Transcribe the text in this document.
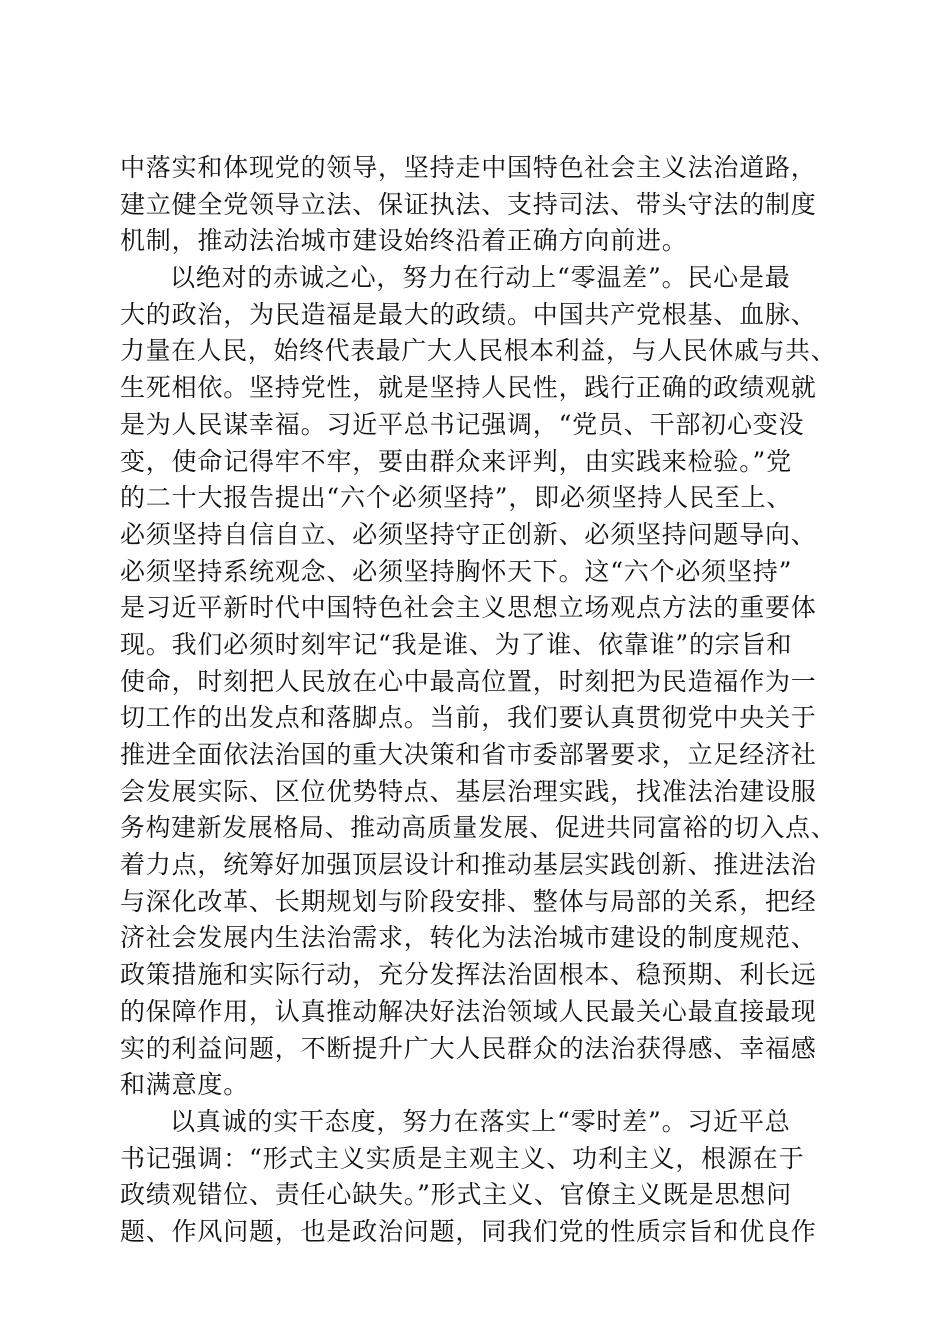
中落实和体现党的领导，坚持走中国特色社会主义法治道路，
建立健全党领导立法、保证执法、支持司法、带头守法的制度
机制，推动法治城市建设始终沿着正确方向前进。
以绝对的赤诚之心，努力在行动上“零温差”。民心是最
大的政治，为民造福是最大的政绩。中国共产党根基、血脉、
力量在人民，始终代表最广大人民根本利益，与人民休戚与共、
生死相依。坚持党性，就是坚持人民性，践行正确的政绩观就
是为人民谋幸福。习近平总书记强调，“党员、干部初心变没
变，使命记得牢不牢，要由群众来评判，由实践来检验。”党
的二十大报告提出“六个必须坚持”，即必须坚持人民至上、
必须坚持自信自立、必须坚持守正创新、必须坚持问题导向、
必须坚持系统观念、必须坚持胸怀天下。这“六个必须坚持”
是习近平新时代中国特色社会主义思想立场观点方法的重要体
现。我们必须时刻牢记“我是谁、为了谁、依靠谁”的宗旨和
使命，时刻把人民放在心中最高位置，时刻把为民造福作为一
切工作的出发点和落脚点。当前，我们要认真贯彻党中央关于
推进全面依法治国的重大决策和省市委部署要求，立足经济社
会发展实际、区位优势特点、基层治理实践，找准法治建设服
务构建新发展格局、推动高质量发展、促进共同富裕的切入点、
着力点，统筹好加强顶层设计和推动基层实践创新、推进法治
与深化改革、长期规划与阶段安排、整体与局部的关系，把经
济社会发展内生法治需求，转化为法治城市建设的制度规范、
政策措施和实际行动，充分发挥法治固根本、稳预期、利长远
的保障作用，认真推动解决好法治领域人民最关心最直接最现
实的利益问题，不断提升广大人民群众的法治获得感、幸福感
和满意度。
以真诚的实干态度，努力在落实上“零时差”。习近平总
书记强调：“形式主义实质是主观主义、功利主义，根源在于
政绩观错位、责任心缺失。”形式主义、官僚主义既是思想问
题、作风问题，也是政治问题，同我们党的性质宗旨和优良作
